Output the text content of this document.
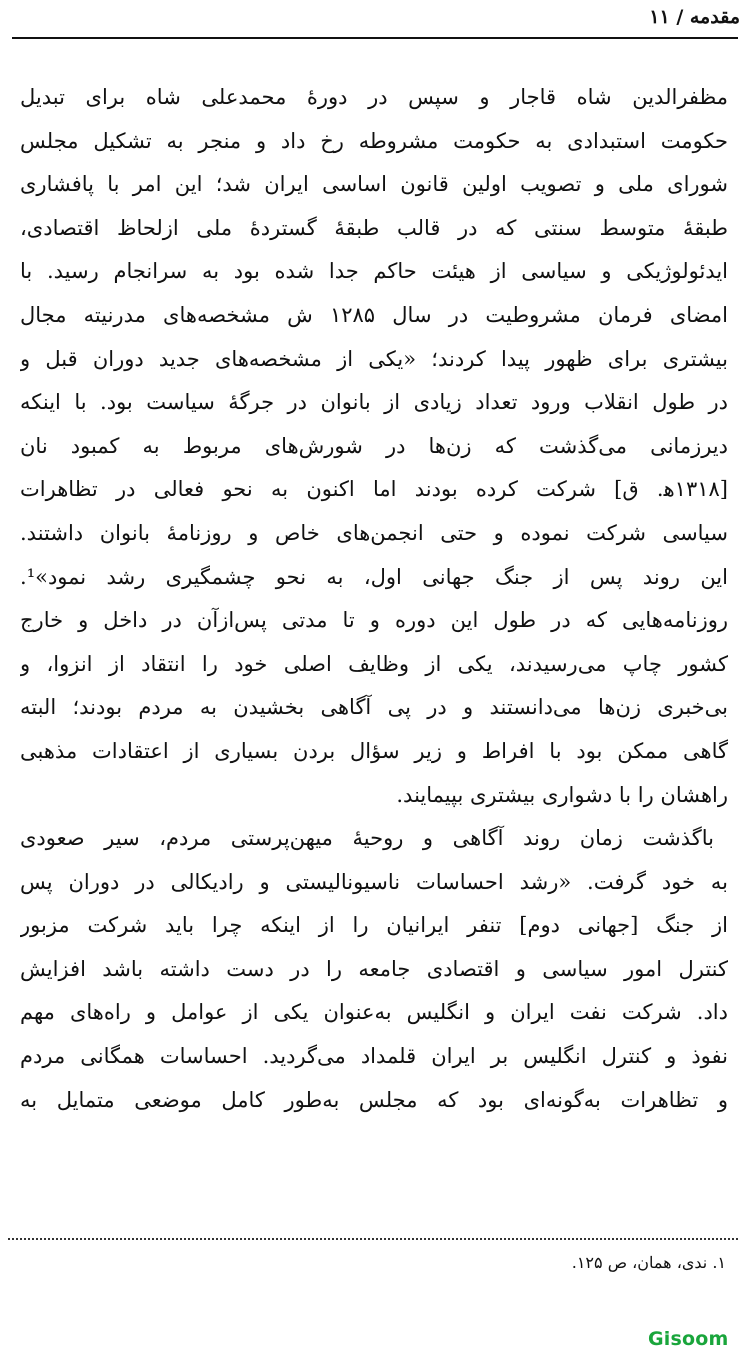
مقدمه / ۱۱
مظفرالدین شاه قاجار و سپس در دورۀ محمدعلی شاه برای تبدیل
حکومت استبدادی به حکومت مشروطه رخ داد و منجر به تشکیل مجلس
شورای ملی و تصویب اولین قانون اساسی ایران شد؛ این امر با پافشاری
طبقۀ متوسط سنتی که در قالب طبقۀ گستردۀ ملی ازلحاظ اقتصادی،
ایدئولوژیکی و سیاسی از هیئت حاکم جدا شده بود به سرانجام رسید. با
امضای فرمان مشروطیت در سال ۱۲۸۵ ش مشخصه‌های مدرنیته مجال
بیشتری برای ظهور پیدا کردند؛ «یکی از مشخصه‌های جدید دوران قبل و
در طول انقلاب ورود تعداد زیادی از بانوان در جرگۀ سیاست بود. با اینکه
دیرزمانی می‌گذشت که زن‌ها در شورش‌های مربوط به کمبود نان
[۱۳۱۸ه‍. ق] شرکت کرده بودند اما اکنون به نحو فعالی در تظاهرات
سیاسی شرکت نموده و حتی انجمن‌های خاص و روزنامۀ بانوان داشتند.
این روند پس از جنگ جهانی اول، به نحو چشمگیری رشد نمود»¹.
روزنامه‌هایی که در طول این دوره و تا مدتی پس‌ازآن در داخل و خارج
کشور چاپ می‌رسیدند، یکی از وظایف اصلی خود را انتقاد از انزوا، و
بی‌خبری زن‌ها می‌دانستند و در پی آگاهی بخشیدن به مردم بودند؛ البته
گاهی ممکن بود با افراط و زیر سؤال بردن بسیاری از اعتقادات مذهبی
راهشان را با دشواری بیشتری بپیمایند.
باگذشت زمان روند آگاهی و روحیۀ میهن‌پرستی مردم، سیر صعودی
به خود گرفت. «رشد احساسات ناسیونالیستی و رادیکالی در دوران پس
از جنگ [جهانی دوم] تنفر ایرانیان را از اینکه چرا باید شرکت مزبور
کنترل امور سیاسی و اقتصادی جامعه را در دست داشته باشد افزایش
داد. شرکت نفت ایران و انگلیس به‌عنوان یکی از عوامل و راه‌های مهم
نفوذ و کنترل انگلیس بر ایران قلمداد می‌گردید. احساسات همگانی مردم
و تظاهرات به‌گونه‌ای بود که مجلس به‌طور کامل موضعی متمایل به
۱. ندی، همان، ص ۱۲۵.
Gisoom
